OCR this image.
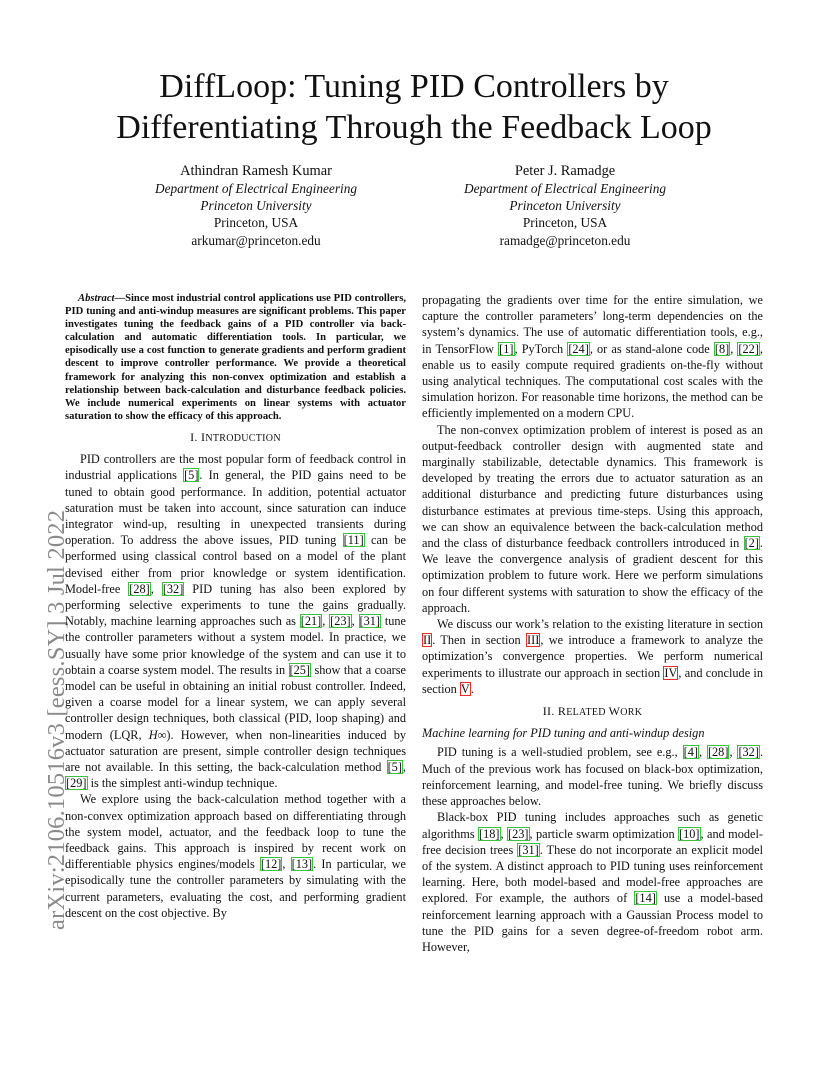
DiffLoop: Tuning PID Controllers by
Differentiating Through the Feedback Loop
Athindran Ramesh Kumar
Department of Electrical Engineering
Princeton University
Princeton, USA
arkumar@princeton.edu
Peter J. Ramadge
Department of Electrical Engineering
Princeton University
Princeton, USA
ramadge@princeton.edu
arXiv:2106.10516v3 [eess.SY] 3 Jul 2022

Abstract—Since most industrial control applications use PID controllers, PID tuning and anti-windup measures are significant problems. This paper investigates tuning the feedback gains of a PID controller via back-calculation and automatic differentiation tools. In particular, we episodically use a cost function to generate gradients and perform gradient descent to improve controller performance. We provide a theoretical framework for analyzing this non-convex optimization and establish a relationship between back-calculation and disturbance feedback policies. We include numerical experiments on linear systems with actuator saturation to show the efficacy of this approach.

I. INTRODUCTION

PID controllers are the most popular form of feedback control in industrial applications [5]. In general, the PID gains need to be tuned to obtain good performance. In addition, potential actuator saturation must be taken into account, since saturation can induce integrator wind-up, resulting in unexpected transients during operation. To address the above issues, PID tuning [11] can be performed using classical control based on a model of the plant devised either from prior knowledge or system identification. Model-free [28], [32] PID tuning has also been explored by performing selective experiments to tune the gains gradually. Notably, machine learning approaches such as [21], [23], [31] tune the controller parameters without a system model. In practice, we usually have some prior knowledge of the system and can use it to obtain a coarse system model. The results in [25] show that a coarse model can be useful in obtaining an initial robust controller. Indeed, given a coarse model for a linear system, we can apply several controller design techniques, both classical (PID, loop shaping) and modern (LQR, H∞). However, when non-linearities induced by actuator saturation are present, simple controller design techniques are not available. In this setting, the back-calculation method [5], [29] is the simplest anti-windup technique.

We explore using the back-calculation method together with a non-convex optimization approach based on differentiating through the system model, actuator, and the feedback loop to tune the feedback gains. This approach is inspired by recent work on differentiable physics engines/models [12], [13]. In particular, we episodically tune the controller parameters by simulating with the current parameters, evaluating the cost, and performing gradient descent on the cost objective. By

propagating the gradients over time for the entire simulation, we capture the controller parameters’ long-term dependencies on the system’s dynamics. The use of automatic differentiation tools, e.g., in TensorFlow [1], PyTorch [24], or as stand-alone code [8], [22], enable us to easily compute required gradients on-the-fly without using analytical techniques. The computational cost scales with the simulation horizon. For reasonable time horizons, the method can be efficiently implemented on a modern CPU.

The non-convex optimization problem of interest is posed as an output-feedback controller design with augmented state and marginally stabilizable, detectable dynamics. This framework is developed by treating the errors due to actuator saturation as an additional disturbance and predicting future disturbances using disturbance estimates at previous time-steps. Using this approach, we can show an equivalence between the back-calculation method and the class of disturbance feedback controllers introduced in [2]. We leave the convergence analysis of gradient descent for this optimization problem to future work. Here we perform simulations on four different systems with saturation to show the efficacy of the approach.

We discuss our work’s relation to the existing literature in section II. Then in section III, we introduce a framework to analyze the optimization’s convergence properties. We perform numerical experiments to illustrate our approach in section IV, and conclude in section V.

II. RELATED WORK
Machine learning for PID tuning and anti-windup design

PID tuning is a well-studied problem, see e.g., [4], [28], [32]. Much of the previous work has focused on black-box optimization, reinforcement learning, and model-free tuning. We briefly discuss these approaches below.

Black-box PID tuning includes approaches such as genetic algorithms [18], [23], particle swarm optimization [10], and model-free decision trees [31]. These do not incorporate an explicit model of the system. A distinct approach to PID tuning uses reinforcement learning. Here, both model-based and model-free approaches are explored. For example, the authors of [14] use a model-based reinforcement learning approach with a Gaussian Process model to tune the PID gains for a seven degree-of-freedom robot arm. However,
